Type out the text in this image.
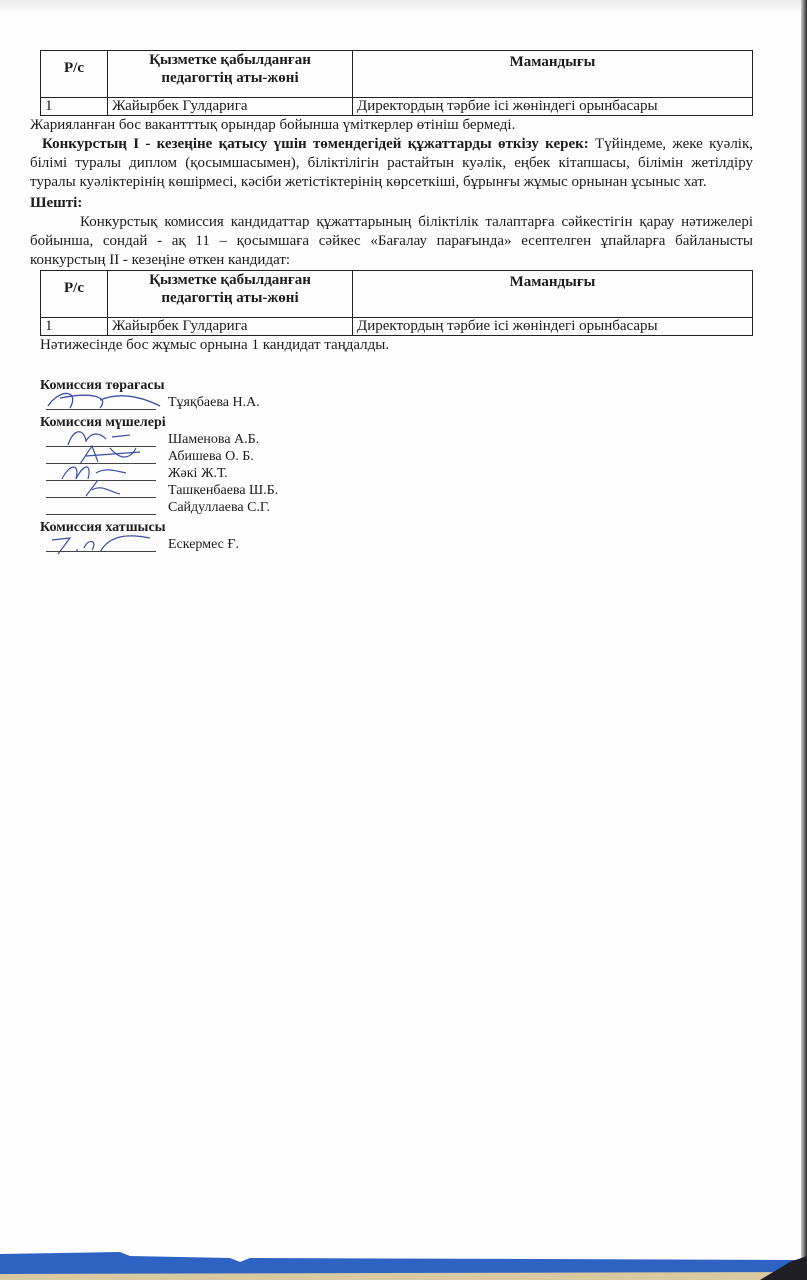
Р/с	Қызметке қабылданған педагогтің аты-жөні	Мамандығы
1	Жайырбек Гулдарига	Директордың тәрбие ісі жөніндегі орынбасары

Жарияланған бос вакантттық орындар бойынша үміткерлер өтініш бермеді.

Конкурстың І - кезеңіне қатысу үшін төмендегідей құжаттарды өткізу керек: Түйіндеме, жеке куәлік, білімі туралы диплом (қосымшасымен), біліктілігін растайтын куәлік, еңбек кітапшасы, білімін жетілдіру туралы куәліктерінің көшірмесі, кәсіби жетістіктерінің көрсеткіші, бұрынғы жұмыс орнынан ұсыныс хат.

Шешті:

Конкурстық комиссия кандидаттар құжаттарының біліктілік талаптарға сәйкестігін қарау нәтижелері бойынша, сондай - ақ 11 – қосымшаға сәйкес «Бағалау парағында» есептелген ұпайларға байланысты конкурстың ІІ - кезеңіне өткен кандидат:

Р/с	Қызметке қабылданған педагогтің аты-жөні	Мамандығы
1	Жайырбек Гулдарига	Директордың тәрбие ісі жөніндегі орынбасары

Нәтижесінде бос жұмыс орнына 1 кандидат таңдалды.

Комиссия төрағасы
Тұяқбаева Н.А.
Комиссия мүшелері
Шаменова А.Б.
Абишева О. Б.
Жәкі Ж.Т.
Ташкенбаева Ш.Б.
Сайдуллаева С.Г.
Комиссия хатшысы
Ескермес Ғ.
